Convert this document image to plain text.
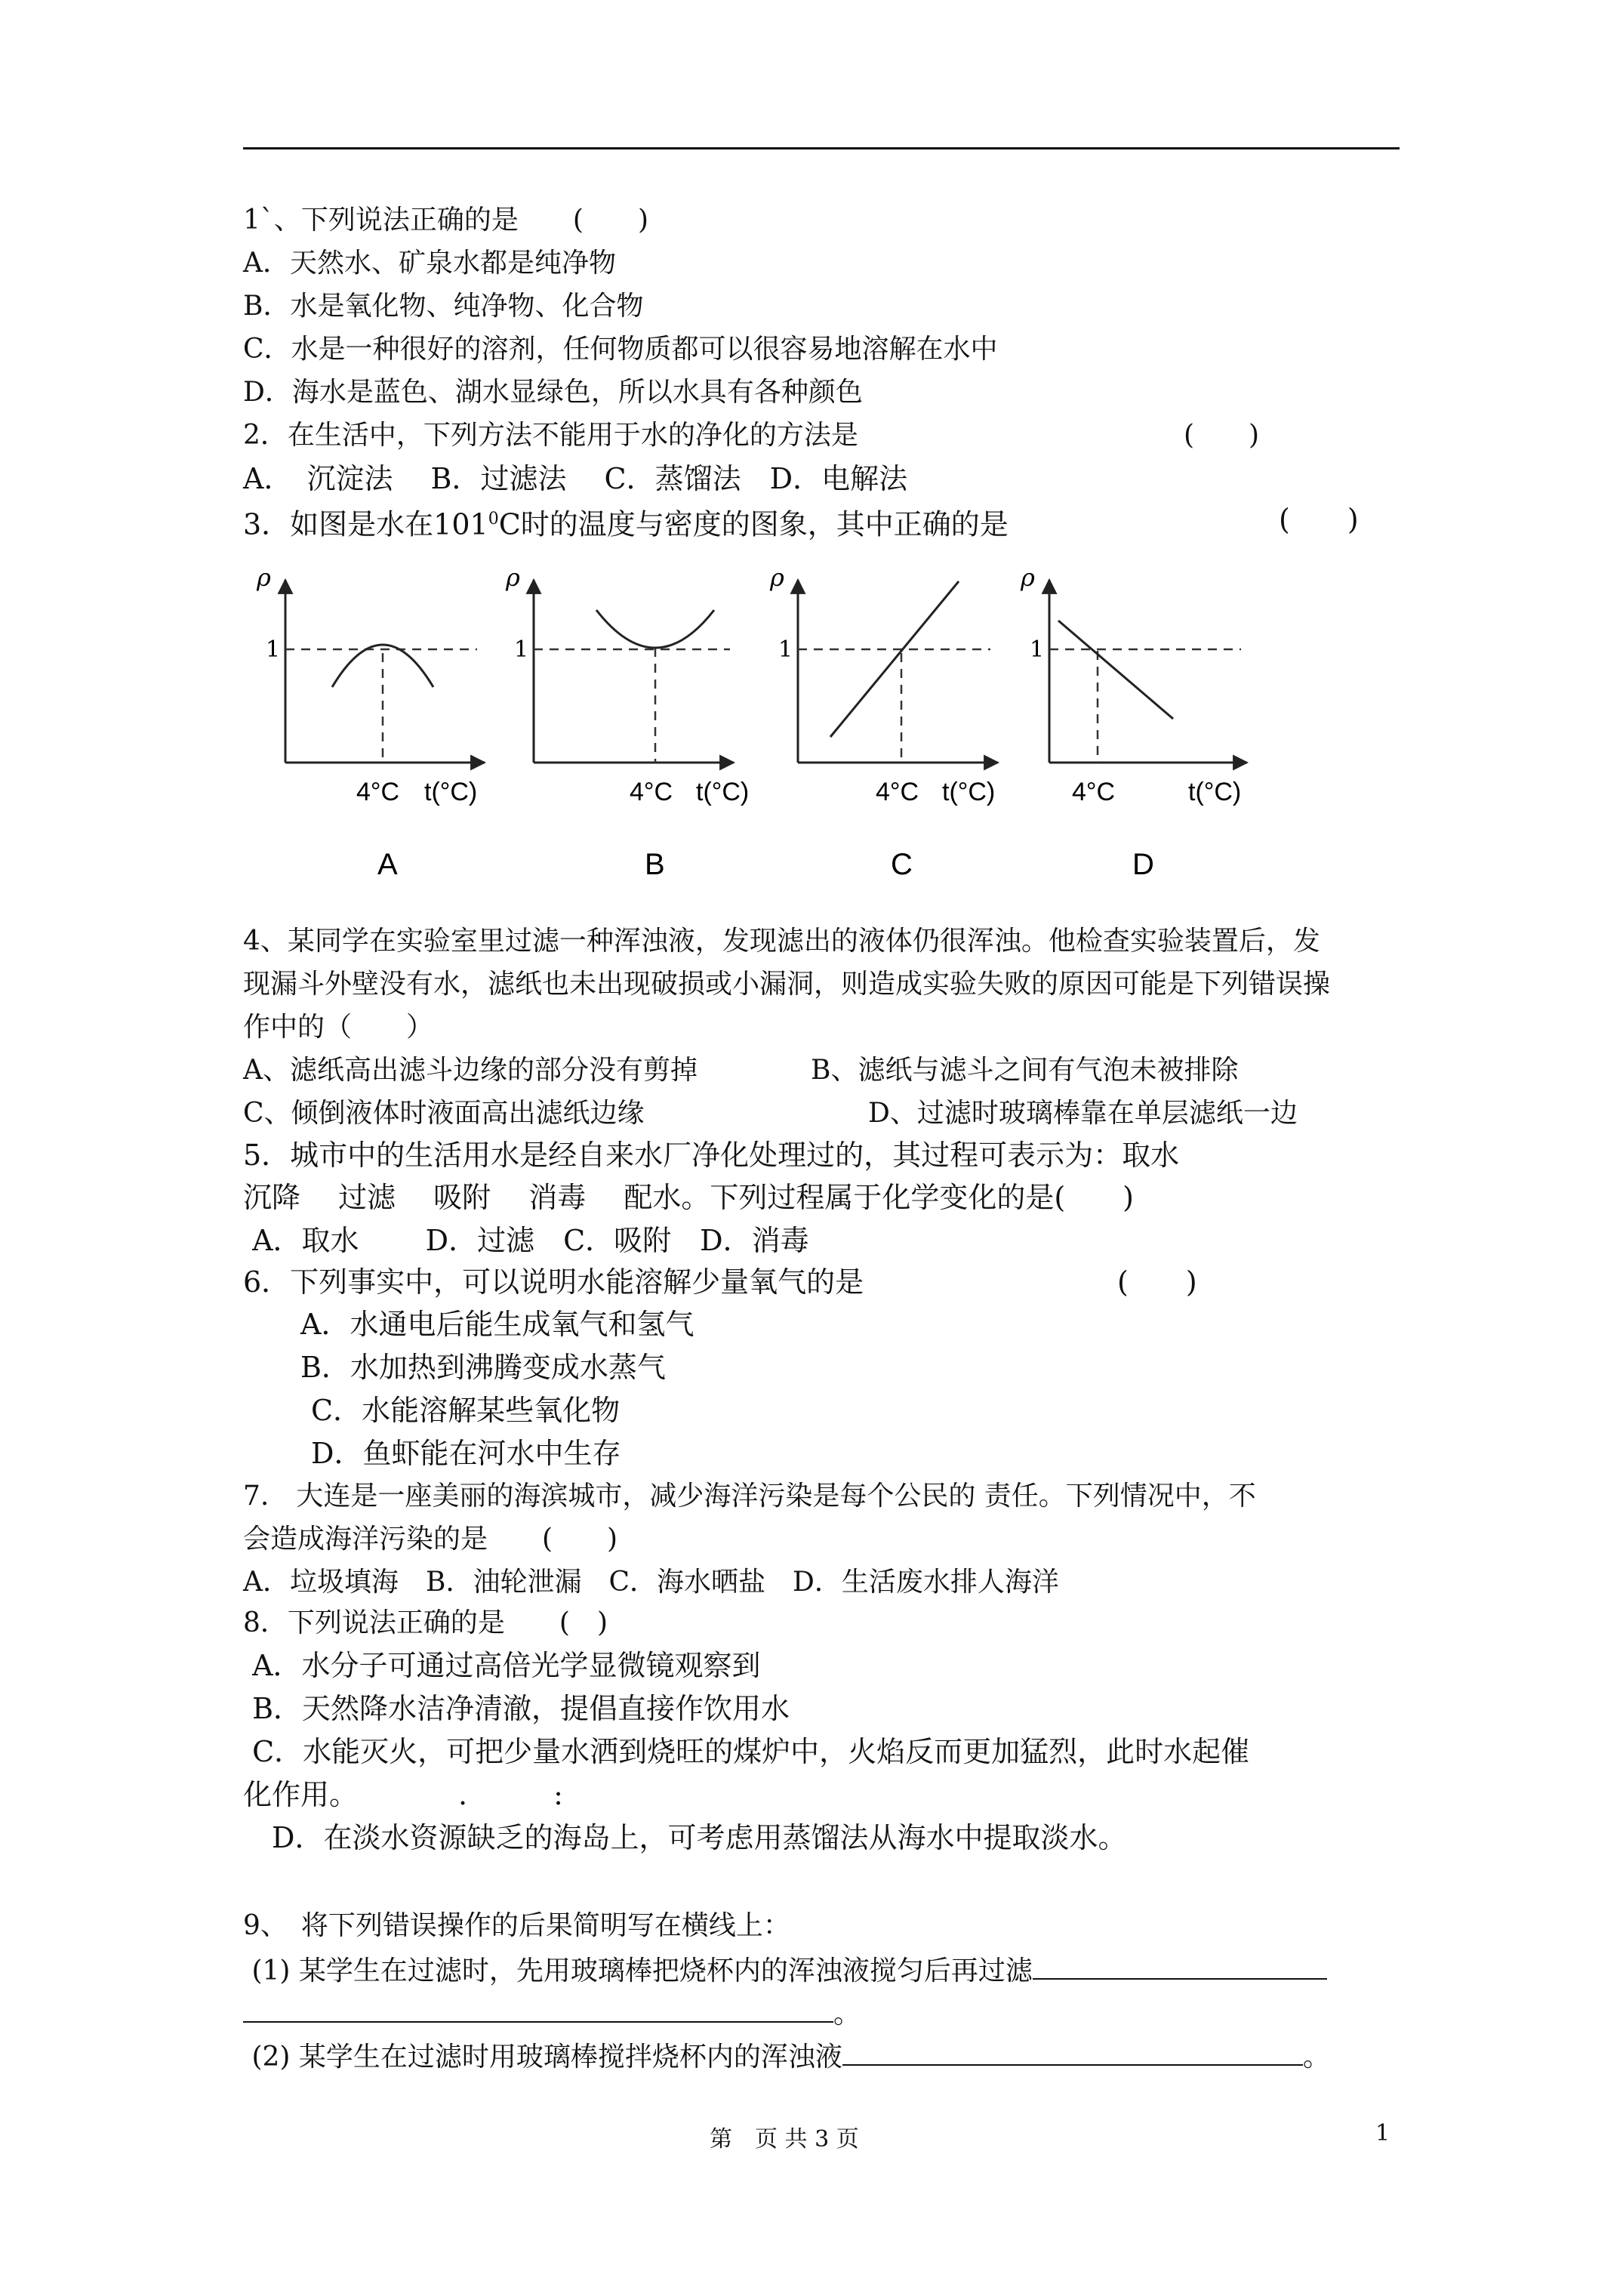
1`、下列说法正确的是　　(　　)
A．天然水、矿泉水都是纯净物
B．水是氧化物、纯净物、化合物
C．水是一种很好的溶剂，任何物质都可以很容易地溶解在水中
D．海水是蓝色、湖水显绿色，所以水具有各种颜色
2．在生活中，下列方法不能用于水的净化的方法是	(　　)
A．　沉淀法　 B．过滤法　 C．蒸馏法　D．电解法
3．如图是水在$101^0C$时的温度与密度的图象，其中正确的是	(　　)
ρ
1
4°C t(°C)
A
ρ
1
4°C t(°C)
B
ρ
1
4°C t(°C)
C
ρ
1
4°C	t(°C)
D
4、某同学在实验室里过滤一种浑浊液，发现滤出的液体仍很浑浊。他检查实验装置后，发
现漏斗外壁没有水，滤纸也未出现破损或小漏洞，则造成实验失败的原因可能是下列错误操
作中的（　　）
A、滤纸高出滤斗边缘的部分没有剪掉	B、滤纸与滤斗之间有气泡未被排除
C、倾倒液体时液面高出滤纸边缘	D、过滤时玻璃棒靠在单层滤纸一边
5．城市中的生活用水是经自来水厂净化处理过的，其过程可表示为：取水
沉降　 过滤　 吸附　 消毒　 配水。下列过程属于化学变化的是(　　)
A．取水　　 D．过滤　C．吸附　D．消毒
6．下列事实中，可以说明水能溶解少量氧气的是	(　　)
A．水通电后能生成氧气和氢气
B．水加热到沸腾变成水蒸气
C．水能溶解某些氧化物
D．鱼虾能在河水中生存
7.　大连是一座美丽的海滨城市，减少海洋污染是每个公民的 责任。下列情况中，不
会造成海洋污染的是　　(　　)
A．垃圾填海　B．油轮泄漏　C．海水晒盐　D．生活废水排人海洋
8．下列说法正确的是　　(　)
A．水分子可通过高倍光学显微镜观察到
B．天然降水洁净清澈，提倡直接作饮用水
C．水能灭火，可把少量水洒到烧旺的煤炉中，火焰反而更加猛烈，此时水起催
化作用。　　　　.　　　:
　D．在淡水资源缺乏的海岛上，可考虑用蒸馏法从海水中提取淡水。
9、　将下列错误操作的后果简明写在横线上：
(1) 某学生在过滤时，先用玻璃棒把烧杯内的浑浊液搅匀后再过滤
。
(2) 某学生在过滤时用玻璃棒搅拌烧杯内的浑浊液	。
第　页 共 3 页	1
